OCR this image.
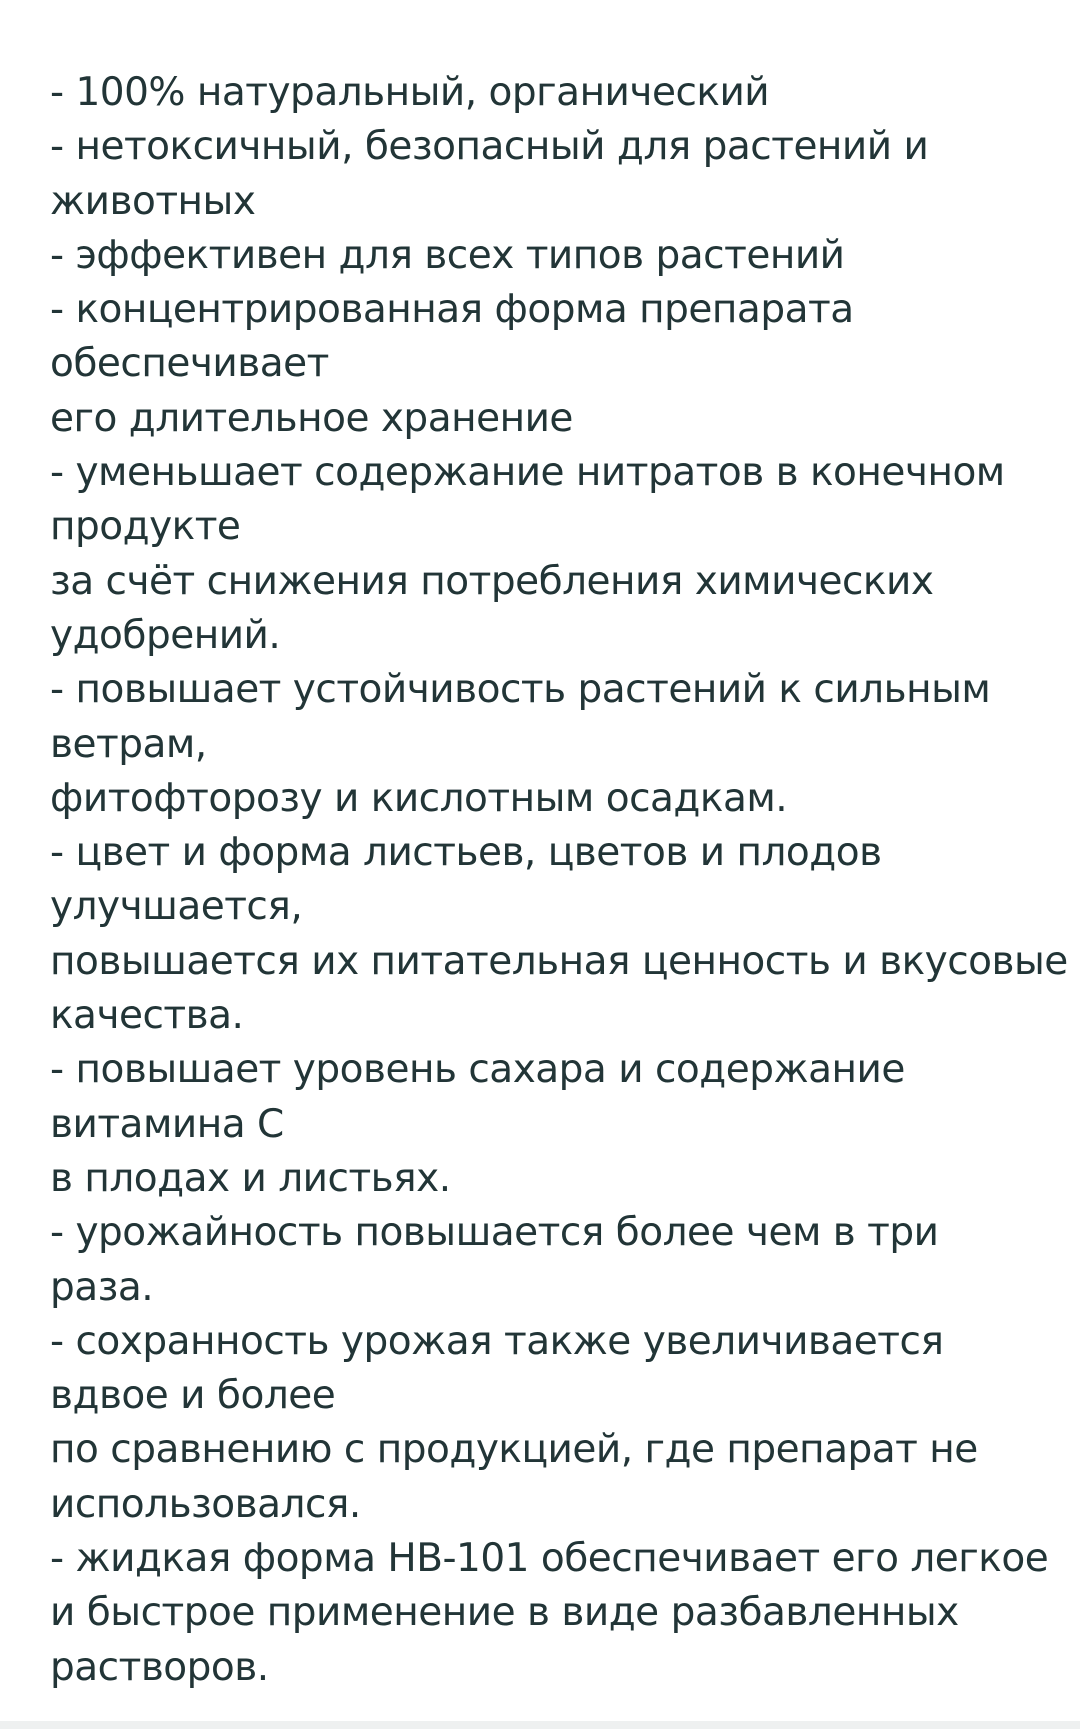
- 100% натуральный, органический
- нетоксичный, безопасный для растений и
животных
- эффективен для всех типов растений
- концентрированная форма препарата
обеспечивает
его длительное хранение
- уменьшает содержание нитратов в конечном
продукте
за счёт снижения потребления химических
удобрений.
- повышает устойчивость растений к сильным
ветрам,
фитофторозу и кислотным осадкам.
- цвет и форма листьев, цветов и плодов
улучшается,
повышается их питательная ценность и вкусовые
качества.
- повышает уровень сахара и содержание
витамина С
в плодах и листьях.
- урожайность повышается более чем в три
раза.
- сохранность урожая также увеличивается
вдвое и более
по сравнению с продукцией, где препарат не
использовался.
- жидкая форма HB-101 обеспечивает его легкое
и быстрое применение в виде разбавленных
растворов.
